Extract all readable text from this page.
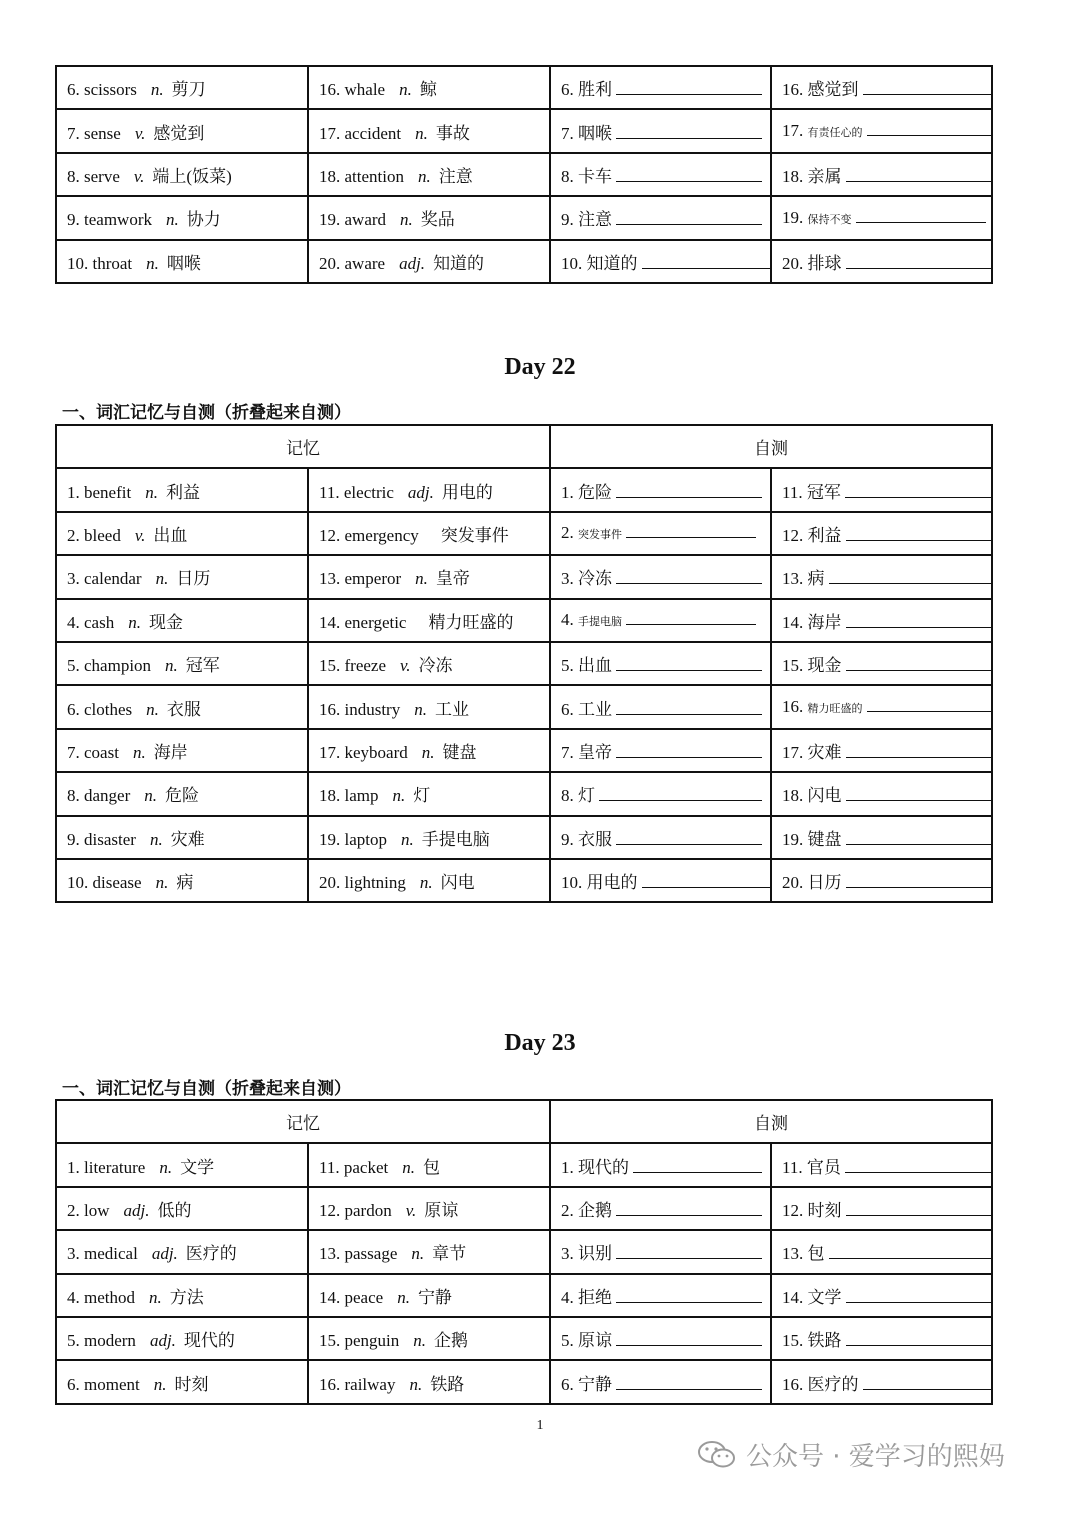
6. scissors n. 剪刀	16. whale n. 鲸	6. 胜利	16. 感觉到
7. sense v. 感觉到	17. accident n. 事故	7. 咽喉	17. 有责任心的
8. serve v. 端上(饭菜)	18. attention n. 注意	8. 卡车	18. 亲属
9. teamwork n. 协力	19. award n. 奖品	9. 注意	19. 保持不变
10. throat n. 咽喉	20. aware adj. 知道的	10. 知道的	20. 排球
Day 22
一、词汇记忆与自测（折叠起来自测）
记忆		自测	
1. benefit n. 利益	11. electric adj. 用电的	1. 危险	11. 冠军
2. bleed v. 出血	12. emergency 突发事件	2. 突发事件	12. 利益
3. calendar n. 日历	13. emperor n. 皇帝	3. 冷冻	13. 病
4. cash n. 现金	14. energetic 精力旺盛的	4. 手提电脑	14. 海岸
5. champion n. 冠军	15. freeze v. 冷冻	5. 出血	15. 现金
6. clothes n. 衣服	16. industry n. 工业	6. 工业	16. 精力旺盛的
7. coast n. 海岸	17. keyboard n. 键盘	7. 皇帝	17. 灾难
8. danger n. 危险	18. lamp n. 灯	8. 灯	18. 闪电
9. disaster n. 灾难	19. laptop n. 手提电脑	9. 衣服	19. 键盘
10. disease n. 病	20. lightning n. 闪电	10. 用电的	20. 日历
Day 23
一、词汇记忆与自测（折叠起来自测）
记忆		自测	
1. literature n. 文学	11. packet n. 包	1. 现代的	11. 官员
2. low adj. 低的	12. pardon v. 原谅	2. 企鹅	12. 时刻
3. medical adj. 医疗的	13. passage n. 章节	3. 识别	13. 包
4. method n. 方法	14. peace n. 宁静	4. 拒绝	14. 文学
5. modern adj. 现代的	15. penguin n. 企鹅	5. 原谅	15. 铁路
6. moment n. 时刻	16. railway n. 铁路	6. 宁静	16. 医疗的
1
公众号 · 爱学习的熙妈
